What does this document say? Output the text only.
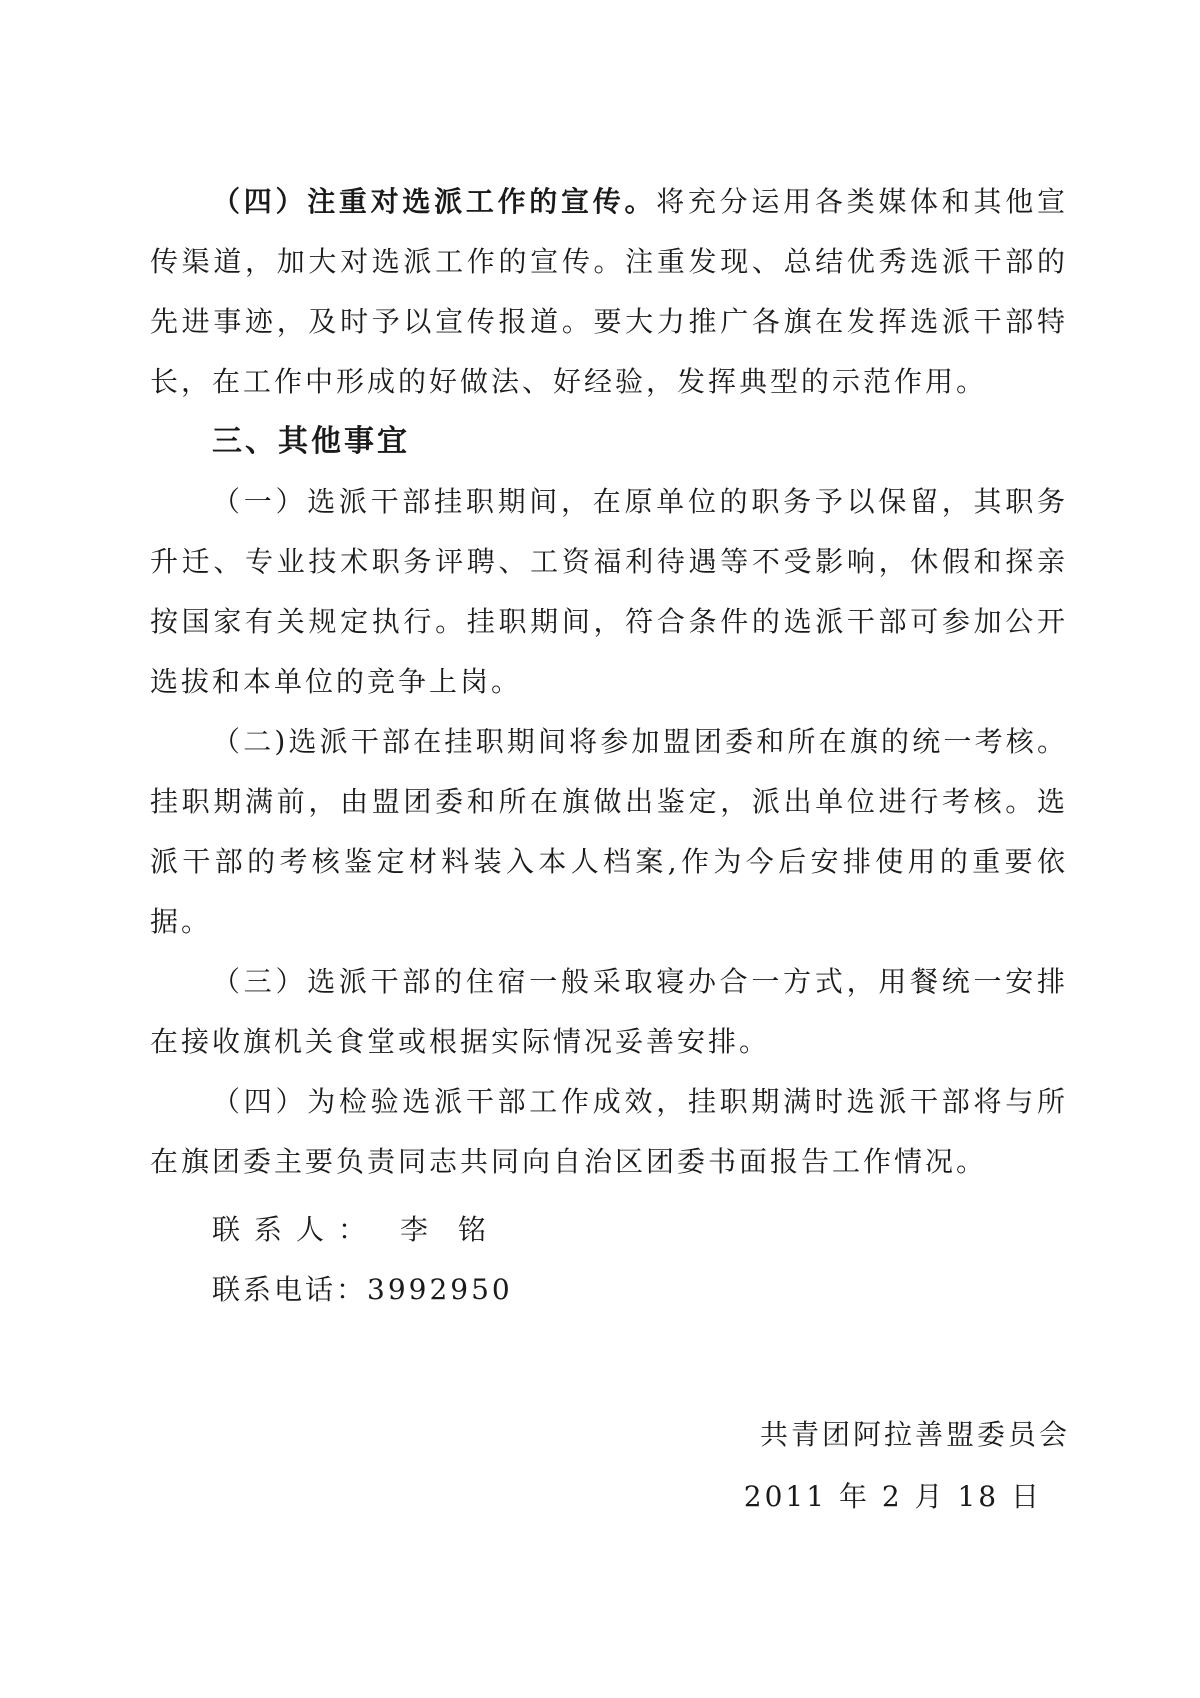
（四）注重对选派工作的宣传。将充分运用各类媒体和其他宣传渠道，加大对选派工作的宣传。注重发现、总结优秀选派干部的先进事迹，及时予以宣传报道。要大力推广各旗在发挥选派干部特长，在工作中形成的好做法、好经验，发挥典型的示范作用。

三、其他事宜

（一）选派干部挂职期间，在原单位的职务予以保留，其职务升迁、专业技术职务评聘、工资福利待遇等不受影响，休假和探亲按国家有关规定执行。挂职期间，符合条件的选派干部可参加公开选拔和本单位的竞争上岗。

（二)选派干部在挂职期间将参加盟团委和所在旗的统一考核。挂职期满前，由盟团委和所在旗做出鉴定，派出单位进行考核。选派干部的考核鉴定材料装入本人档案,作为今后安排使用的重要依据。

（三）选派干部的住宿一般采取寝办合一方式，用餐统一安排在接收旗机关食堂或根据实际情况妥善安排。

（四）为检验选派干部工作成效，挂职期满时选派干部将与所在旗团委主要负责同志共同向自治区团委书面报告工作情况。

联系人： 李铭

联系电话：3992950

共青团阿拉善盟委员会
2011 年 2 月 18 日
